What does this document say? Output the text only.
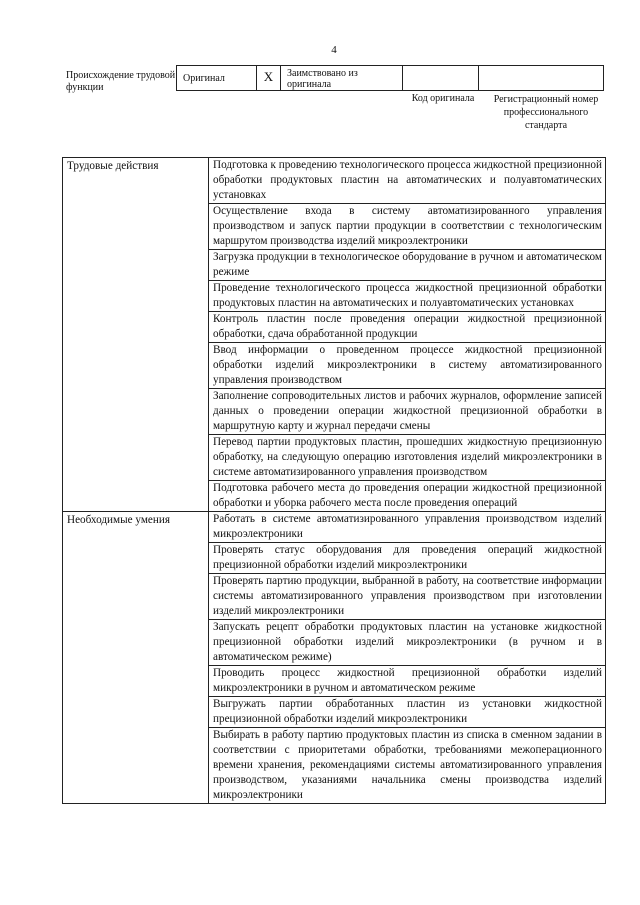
4
Происхождение трудовой функции
Оригинал	X	Заимствовано из оригинала
Код оригинала	Регистрационный номер профессионального стандарта
Трудовые действия	Подготовка к проведению технологического процесса жидкостной прецизионной обработки продуктовых пластин на автоматических и полуавтоматических установках
	Осуществление входа в систему автоматизированного управления производством и запуск партии продукции в соответствии с технологическим маршрутом производства изделий микроэлектроники
	Загрузка продукции в технологическое оборудование в ручном и автоматическом режиме
	Проведение технологического процесса жидкостной прецизионной обработки продуктовых пластин на автоматических и полуавтоматических установках
	Контроль пластин после проведения операции жидкостной прецизионной обработки, сдача обработанной продукции
	Ввод информации о проведенном процессе жидкостной прецизионной обработки изделий микроэлектроники в систему автоматизированного управления производством
	Заполнение сопроводительных листов и рабочих журналов, оформление записей данных о проведении операции жидкостной прецизионной обработки в маршрутную карту и журнал передачи смены
	Перевод партии продуктовых пластин, прошедших жидкостную прецизионную обработку, на следующую операцию изготовления изделий микроэлектроники в системе автоматизированного управления производством
	Подготовка рабочего места до проведения операции жидкостной прецизионной обработки и уборка рабочего места после проведения операций
Необходимые умения	Работать в системе автоматизированного управления производством изделий микроэлектроники
	Проверять статус оборудования для проведения операций жидкостной прецизионной обработки изделий микроэлектроники
	Проверять партию продукции, выбранной в работу, на соответствие информации системы автоматизированного управления производством при изготовлении изделий микроэлектроники
	Запускать рецепт обработки продуктовых пластин на установке жидкостной прецизионной обработки изделий микроэлектроники (в ручном и в автоматическом режиме)
	Проводить процесс жидкостной прецизионной обработки изделий микроэлектроники в ручном и автоматическом режиме
	Выгружать партии обработанных пластин из установки жидкостной прецизионной обработки изделий микроэлектроники
	Выбирать в работу партию продуктовых пластин из списка в сменном задании в соответствии с приоритетами обработки, требованиями межоперационного времени хранения, рекомендациями системы автоматизированного управления производством, указаниями начальника смены производства изделий микроэлектроники
